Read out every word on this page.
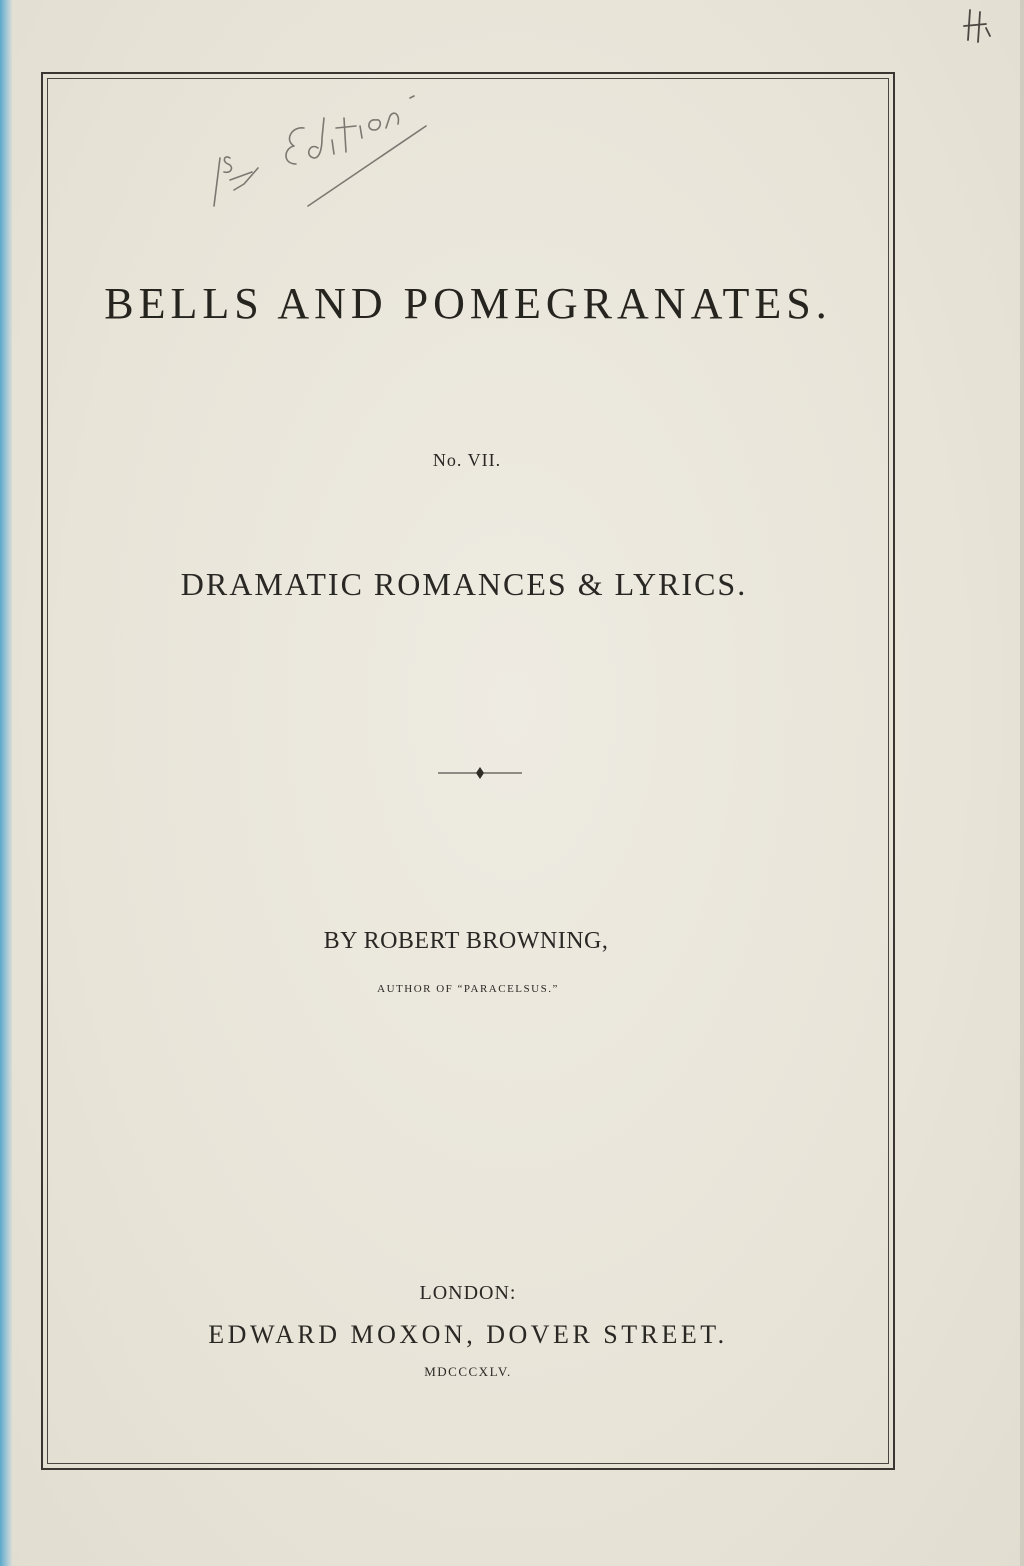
BELLS AND POMEGRANATES.
No. VII.
DRAMATIC ROMANCES & LYRICS.
BY ROBERT BROWNING,
AUTHOR OF “PARACELSUS.”
LONDON:
EDWARD MOXON, DOVER STREET.
MDCCCXLV.
